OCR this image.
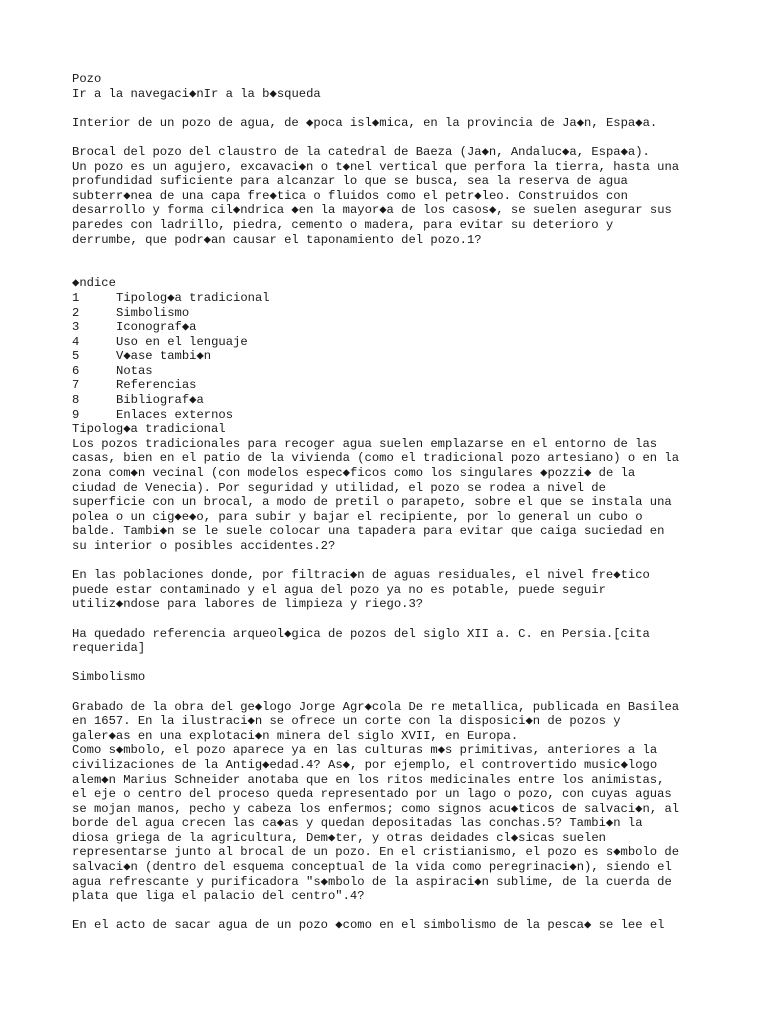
Pozo
Ir a la navegaci◆nIr a la b◆squeda
Interior de un pozo de agua, de ◆poca isl◆mica, en la provincia de Ja◆n, Espa◆a.
Brocal del pozo del claustro de la catedral de Baeza (Ja◆n, Andaluc◆a, Espa◆a).
Un pozo es un agujero, excavaci◆n o t◆nel vertical que perfora la tierra, hasta una
profundidad suficiente para alcanzar lo que se busca, sea la reserva de agua
subterr◆nea de una capa fre◆tica o fluidos como el petr◆leo. Construidos con
desarrollo y forma cil◆ndrica ◆en la mayor◆a de los casos◆, se suelen asegurar sus
paredes con ladrillo, piedra, cemento o madera, para evitar su deterioro y
derrumbe, que podr◆an causar el taponamiento del pozo.1?
◆ndice
1	Tipolog◆a tradicional
2	Simbolismo
3	Iconograf◆a
4	Uso en el lenguaje
5	V◆ase tambi◆n
6	Notas
7	Referencias
8	Bibliograf◆a
9	Enlaces externos
Tipolog◆a tradicional
Los pozos tradicionales para recoger agua suelen emplazarse en el entorno de las
casas, bien en el patio de la vivienda (como el tradicional pozo artesiano) o en la
zona com◆n vecinal (con modelos espec◆ficos como los singulares ◆pozzi◆ de la
ciudad de Venecia). Por seguridad y utilidad, el pozo se rodea a nivel de
superficie con un brocal, a modo de pretil o parapeto, sobre el que se instala una
polea o un cig◆e◆o, para subir y bajar el recipiente, por lo general un cubo o
balde. Tambi◆n se le suele colocar una tapadera para evitar que caiga suciedad en
su interior o posibles accidentes.2?
En las poblaciones donde, por filtraci◆n de aguas residuales, el nivel fre◆tico
puede estar contaminado y el agua del pozo ya no es potable, puede seguir
utiliz◆ndose para labores de limpieza y riego.3?
Ha quedado referencia arqueol◆gica de pozos del siglo XII a. C. en Persia.[cita
requerida]
Simbolismo
Grabado de la obra del ge◆logo Jorge Agr◆cola De re metallica, publicada en Basilea
en 1657. En la ilustraci◆n se ofrece un corte con la disposici◆n de pozos y
galer◆as en una explotaci◆n minera del siglo XVII, en Europa.
Como s◆mbolo, el pozo aparece ya en las culturas m◆s primitivas, anteriores a la
civilizaciones de la Antig◆edad.4? As◆, por ejemplo, el controvertido music◆logo
alem◆n Marius Schneider anotaba que en los ritos medicinales entre los animistas,
el eje o centro del proceso queda representado por un lago o pozo, con cuyas aguas
se mojan manos, pecho y cabeza los enfermos; como signos acu◆ticos de salvaci◆n, al
borde del agua crecen las ca◆as y quedan depositadas las conchas.5? Tambi◆n la
diosa griega de la agricultura, Dem◆ter, y otras deidades cl◆sicas suelen
representarse junto al brocal de un pozo. En el cristianismo, el pozo es s◆mbolo de
salvaci◆n (dentro del esquema conceptual de la vida como peregrinaci◆n), siendo el
agua refrescante y purificadora "s◆mbolo de la aspiraci◆n sublime, de la cuerda de
plata que liga el palacio del centro".4?
En el acto de sacar agua de un pozo ◆como en el simbolismo de la pesca◆ se lee el
